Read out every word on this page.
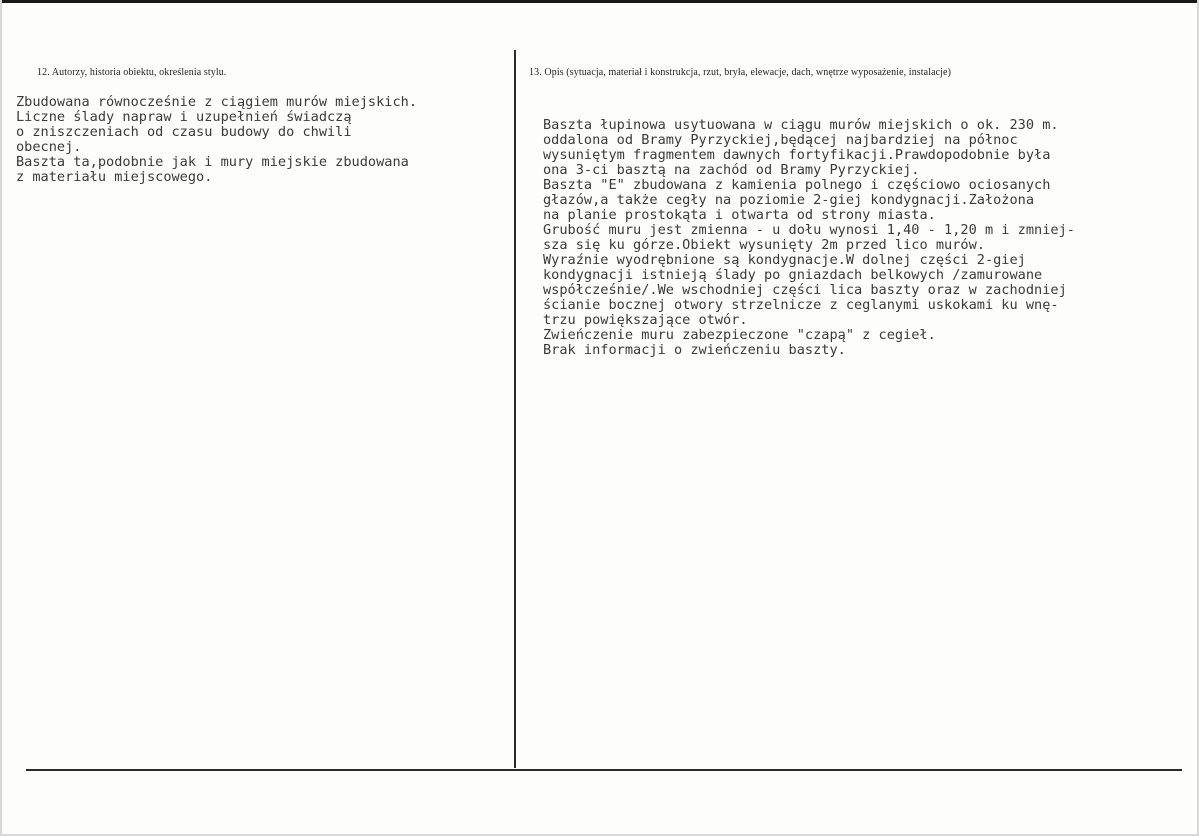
12. Autorzy, historia obiektu, określenia stylu.	13. Opis (sytuacja, materiał i konstrukcja, rzut, bryła, elewacje, dach, wnętrze wyposażenie, instalacje)
Zbudowana równocześnie z ciągiem murów miejskich.
Liczne ślady napraw i uzupełnień świadczą
o zniszczeniach od czasu budowy do chwili
obecnej.
Baszta ta,podobnie jak i mury miejskie zbudowana
z materiału miejscowego.
Baszta łupinowa usytuowana w ciągu murów miejskich o ok. 230 m.
oddalona od Bramy Pyrzyckiej,będącej najbardziej na północ
wysuniętym fragmentem dawnych fortyfikacji.Prawdopodobnie była
ona 3-ci basztą na zachód od Bramy Pyrzyckiej.
Baszta "E" zbudowana z kamienia polnego i częściowo ociosanych
głazów,a także cegły na poziomie 2-giej kondygnacji.Założona
na planie prostokąta i otwarta od strony miasta.
Grubość muru jest zmienna - u dołu wynosi 1,40 - 1,20 m i zmniej-
sza się ku górze.Obiekt wysunięty 2m przed lico murów.
Wyraźnie wyodrębnione są kondygnacje.W dolnej części 2-giej
kondygnacji istnieją ślady po gniazdach belkowych /zamurowane
współcześnie/.We wschodniej części lica baszty oraz w zachodniej
ścianie bocznej otwory strzelnicze z ceglanymi uskokami ku wnę-
trzu powiększające otwór.
Zwieńczenie muru zabezpieczone "czapą" z cegieł.
Brak informacji o zwieńczeniu baszty.
